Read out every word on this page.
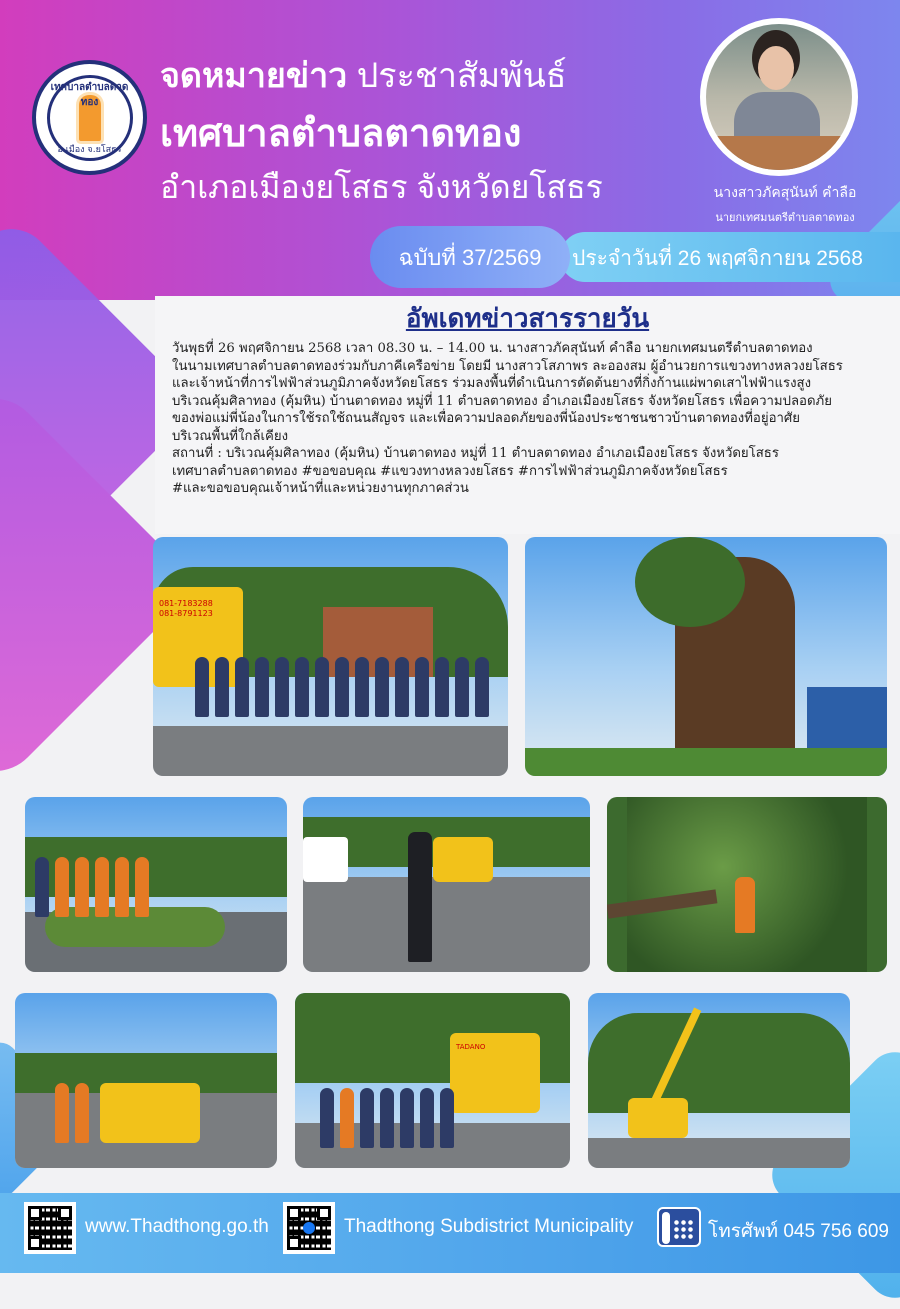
เทศบาลตำบลตาดทอง
อ.เมือง จ.ยโสธร
จดหมายข่าว ประชาสัมพันธ์
เทศบาลตำบลตาดทอง
อำเภอเมืองยโสธร จังหวัดยโสธร	นางสาวภัคสุนันท์ คำลือ
นายกเทศมนตรีตำบลตาดทอง
ฉบับที่ 37/2569	ประจำวันที่ 26 พฤศจิกายน 2568
อัพเดทข่าวสารรายวัน

วันพุธที่ 26 พฤศจิกายน 2568 เวลา 08.30 น. – 14.00 น. นางสาวภัคสุนันท์ คำลือ นายกเทศมนตรีตำบลตาดทอง

ในนามเทศบาลตำบลตาดทองร่วมกับภาคีเครือข่าย โดยมี นางสาวโสภาพร ละอองสม ผู้อำนวยการแขวงทางหลวงยโสธร

และเจ้าหน้าที่การไฟฟ้าส่วนภูมิภาคจังหวัดยโสธร ร่วมลงพื้นที่ดำเนินการตัดต้นยางที่กิ่งก้านแผ่พาดเสาไฟฟ้าแรงสูง

บริเวณคุ้มศิลาทอง (คุ้มหิน) บ้านตาดทอง หมู่ที่ 11 ตำบลตาดทอง อำเภอเมืองยโสธร จังหวัดยโสธร เพื่อความปลอดภัย

ของพ่อแม่พี่น้องในการใช้รถใช้ถนนสัญจร และเพื่อความปลอดภัยของพี่น้องประชาชนชาวบ้านตาดทองที่อยู่อาศัย

บริเวณพื้นที่ใกล้เคียง

สถานที่ : บริเวณคุ้มศิลาทอง (คุ้มหิน) บ้านตาดทอง หมู่ที่ 11 ตำบลตาดทอง อำเภอเมืองยโสธร จังหวัดยโสธร

เทศบาลตำบลตาดทอง #ขอขอบคุณ #แขวงทางหลวงยโสธร #การไฟฟ้าส่วนภูมิภาคจังหวัดยโสธร

#และขอขอบคุณเจ้าหน้าที่และหน่วยงานทุกภาคส่วน

081-7183288
081-8791123
TADANO
www.Thadthong.go.th	Thadthong Subdistrict Municipality	โทรศัพท์ 045 756 609
